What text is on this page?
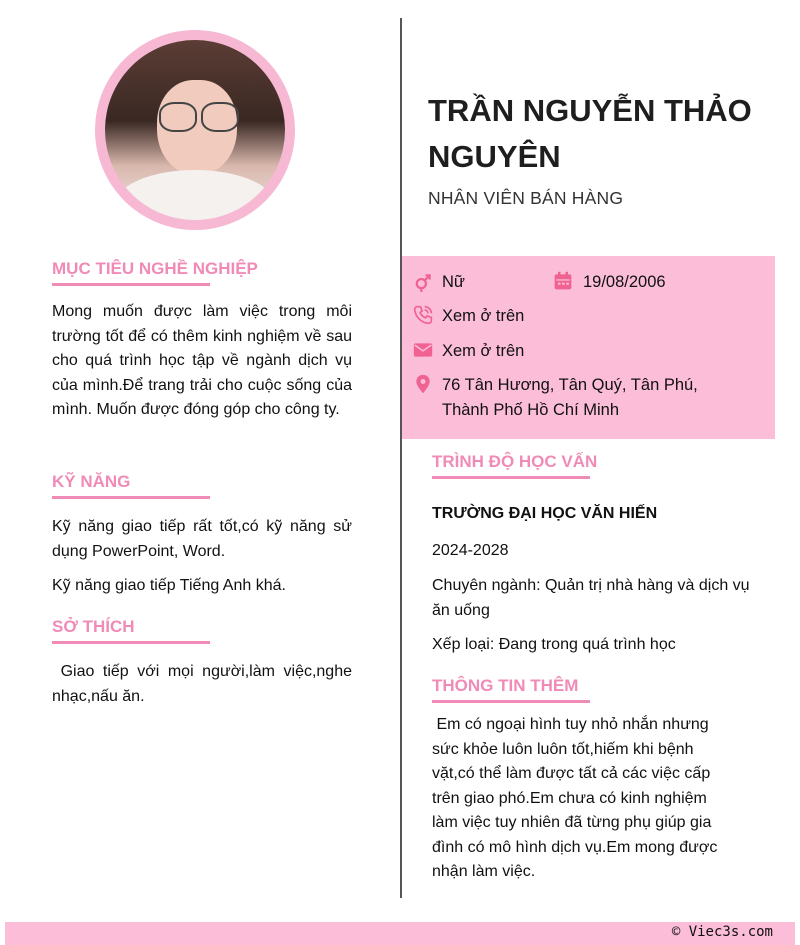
MỤC TIÊU NGHỀ NGHIỆP
Mong muốn được làm việc trong môi trường tốt để có thêm kinh nghiệm về sau cho quá trình học tập về ngành dịch vụ của mình.Để trang trải cho cuộc sống của mình. Muốn được đóng góp cho công ty.
KỸ NĂNG
Kỹ năng giao tiếp rất tốt,có kỹ năng sử dụng PowerPoint, Word.
Kỹ năng giao tiếp Tiếng Anh khá.
SỞ THÍCH
Giao tiếp với mọi người,làm việc,nghe nhạc,nấu ăn.
TRẦN NGUYỄN THẢO NGUYÊN
NHÂN VIÊN BÁN HÀNG
Nữ	19/08/2006
Xem ở trên
Xem ở trên
76 Tân Hương, Tân Quý, Tân Phú, Thành Phố Hồ Chí Minh
TRÌNH ĐỘ HỌC VẤN
TRƯỜNG ĐẠI HỌC VĂN HIẾN
2024-2028
Chuyên ngành: Quản trị nhà hàng và dịch vụ ăn uống
Xếp loại: Đang trong quá trình học
THÔNG TIN THÊM
Em có ngoại hình tuy nhỏ nhắn nhưng sức khỏe luôn luôn tốt,hiếm khi bệnh vặt,có thể làm được tất cả các việc cấp trên giao phó.Em chưa có kinh nghiệm làm việc tuy nhiên đã từng phụ giúp gia đình có mô hình dịch vụ.Em mong được nhận làm việc.
© Viec3s.com
